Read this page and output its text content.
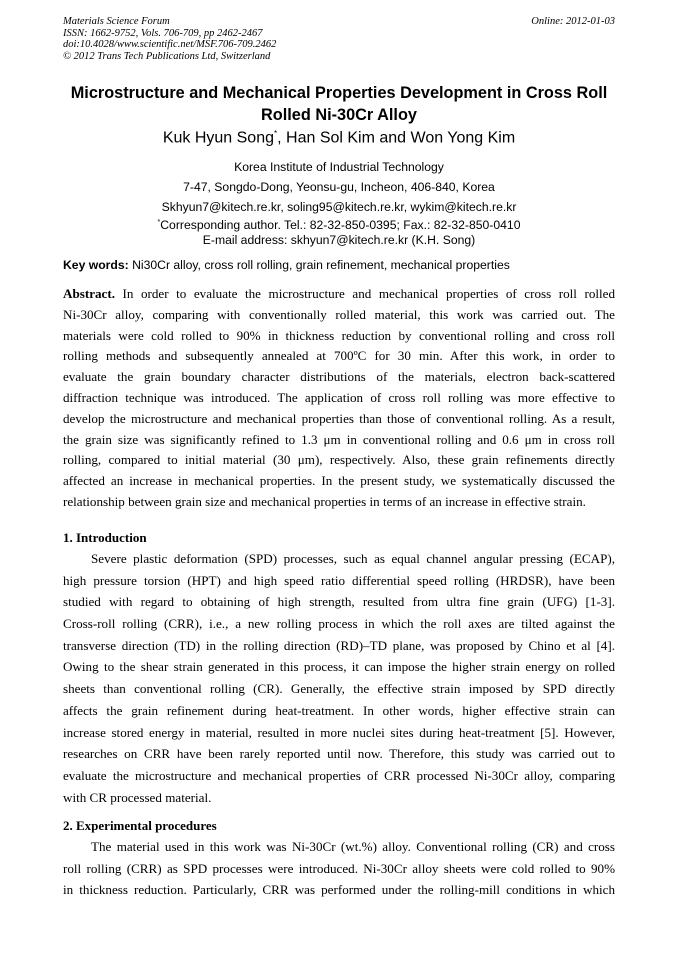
Materials Science Forum
ISSN: 1662-9752, Vols. 706-709, pp 2462-2467
doi:10.4028/www.scientific.net/MSF.706-709.2462
© 2012 Trans Tech Publications Ltd, Switzerland
Online: 2012-01-03
Microstructure and Mechanical Properties Development in Cross Roll
Rolled Ni-30Cr Alloy
Kuk Hyun Song*, Han Sol Kim and Won Yong Kim
Korea Institute of Industrial Technology
7-47, Songdo-Dong, Yeonsu-gu, Incheon, 406-840, Korea
Skhyun7@kitech.re.kr, soling95@kitech.re.kr, wykim@kitech.re.kr
*Corresponding author. Tel.: 82-32-850-0395; Fax.: 82-32-850-0410
E-mail address: skhyun7@kitech.re.kr (K.H. Song)
Key words: Ni30Cr alloy, cross roll rolling, grain refinement, mechanical properties
Abstract. In order to evaluate the microstructure and mechanical properties of cross roll rolled
Ni-30Cr alloy, comparing with conventionally rolled material, this work was carried out. The
materials were cold rolled to 90% in thickness reduction by conventional rolling and cross roll
rolling methods and subsequently annealed at 700ºC for 30 min. After this work, in order to
evaluate the grain boundary character distributions of the materials, electron back-scattered
diffraction technique was introduced. The application of cross roll rolling was more effective to
develop the microstructure and mechanical properties than those of conventional rolling. As a result,
the grain size was significantly refined to 1.3 μm in conventional rolling and 0.6 μm in cross roll
rolling, compared to initial material (30 μm), respectively. Also, these grain refinements directly
affected an increase in mechanical properties. In the present study, we systematically discussed the
relationship between grain size and mechanical properties in terms of an increase in effective strain.
1. Introduction
Severe plastic deformation (SPD) processes, such as equal channel angular pressing (ECAP),
high pressure torsion (HPT) and high speed ratio differential speed rolling (HRDSR), have been
studied with regard to obtaining of high strength, resulted from ultra fine grain (UFG) [1-3].
Cross-roll rolling (CRR), i.e., a new rolling process in which the roll axes are tilted against the
transverse direction (TD) in the rolling direction (RD)–TD plane, was proposed by Chino et al [4].
Owing to the shear strain generated in this process, it can impose the higher strain energy on rolled
sheets than conventional rolling (CR). Generally, the effective strain imposed by SPD directly
affects the grain refinement during heat-treatment. In other words, higher effective strain can
increase stored energy in material, resulted in more nuclei sites during heat-treatment [5]. However,
researches on CRR have been rarely reported until now. Therefore, this study was carried out to
evaluate the microstructure and mechanical properties of CRR processed Ni-30Cr alloy, comparing
with CR processed material.
2. Experimental procedures
The material used in this work was Ni-30Cr (wt.%) alloy. Conventional rolling (CR) and cross
roll rolling (CRR) as SPD processes were introduced. Ni-30Cr alloy sheets were cold rolled to 90%
in thickness reduction. Particularly, CRR was performed under the rolling-mill conditions in which
